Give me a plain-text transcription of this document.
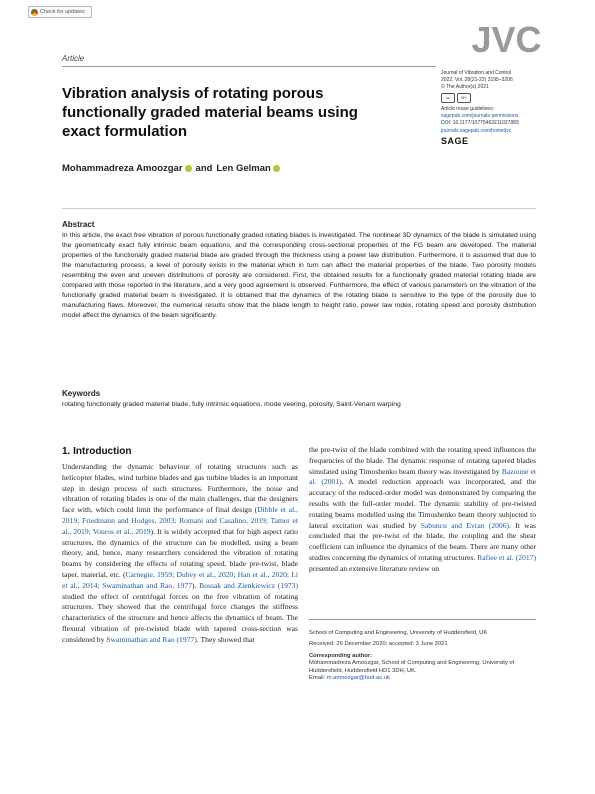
Check for updates
Article	JVC
Journal of Vibration and Control
2022, Vol. 28(21-22) 3195–3206
© The Author(s) 2021
cc	BY
Article reuse guidelines:
sagepub.com/journals-permissions
DOI: 10.1177/10775463211027883
journals.sagepub.com/home/jvc
SAGE
Vibration analysis of rotating porous functionally graded material beams using exact formulation
Mohammadreza Amoozgar and Len Gelman
Abstract
In this article, the exact free vibration of porous functionally graded rotating blades is investigated. The nonlinear 3D dynamics of the blade is simulated using the geometrically exact fully intrinsic beam equations, and the corresponding cross-sectional properties of the FG beam are developed. The material properties of the functionally graded material blade are graded through the thickness using a power law distribution. Furthermore, it is assumed that due to the manufacturing process, a level of porosity exists in the material which in turn can affect the material properties of the blade. Two porosity models resembling the even and uneven distributions of porosity are considered. First, the obtained results for a functionally graded material rotating blade are compared with those reported in the literature, and a very good agreement is observed. Furthermore, the effect of various parameters on the vibration of the functionally graded material beam is investigated. It is obtained that the dynamics of the rotating blade is sensitive to the type of the porosity due to manufacturing flaws. Moreover, the numerical results show that the blade length to height ratio, power law index, rotating speed and porosity distribution model affect the dynamics of the beam significantly.
Keywords
rotating functionally graded material blade, fully intrinsic equations, mode veering, porosity, Saint-Venant warping
1. Introduction
Understanding the dynamic behaviour of rotating structures such as helicopter blades, wind turbine blades and gas turbine blades is an important step in design process of such structures. Furthermore, the noise and vibration of rotating blades is one of the main challenges, that the designers face with, which could limit the performance of final design (Dibble et al., 2019; Friedmann and Hodges, 2003; Romani and Casalino, 2019; Tamer et al., 2019; Vouros et al., 2019). It is widely accepted that for high aspect ratio structures, the dynamics of the structure can be modelled, using a beam theory, and, hence, many researchers considered the vibration of rotating beams by considering the effects of rotating speed, blade pre-twist, blade taper, material, etc. (Carnegie, 1959; Dubey et al., 2020; Han et al., 2020; Li et al., 2014; Swaminathan and Rao, 1977). Bossak and Zienkiewicz (1973) studied the effect of centrifugal forces on the free vibration of rotating structures. They showed that the centrifugal force changes the stiffness characteristics of the structure and hence affects the dynamics of beam. The flexural vibration of pre-twisted blade with tapered cross-section was considered by Swaminathan and Rao (1977). They showed that
the pre-twist of the blade combined with the rotating speed influences the frequencies of the blade. The dynamic response of rotating tapered blades simulated using Timoshenko beam theory was investigated by Bazoune et al. (2001). A model reduction approach was incorporated, and the accuracy of the reduced-order model was demonstrated by comparing the results with the full-order model. The dynamic stability of pre-twisted rotating beams modelled using the Timoshenko beam theory subjected to lateral excitation was studied by Sabuncu and Evran (2006). It was concluded that the pre-twist of the blade, the coupling and the shear coefficient can influence the dynamics of the beam. There are many other studies concerning the dynamics of rotating structures. Rafiee et al. (2017) presented an extensive literature review on
School of Computing and Engineering, University of Huddersfield, UK
Received: 26 December 2020; accepted: 3 June 2021
Corresponding author:
Mohammadreza Amoozgar, School of Computing and Engineering, University of Huddersfield, Huddersfield HD1 3DH, UK.
Email: m.amoozgar@hud.ac.uk
